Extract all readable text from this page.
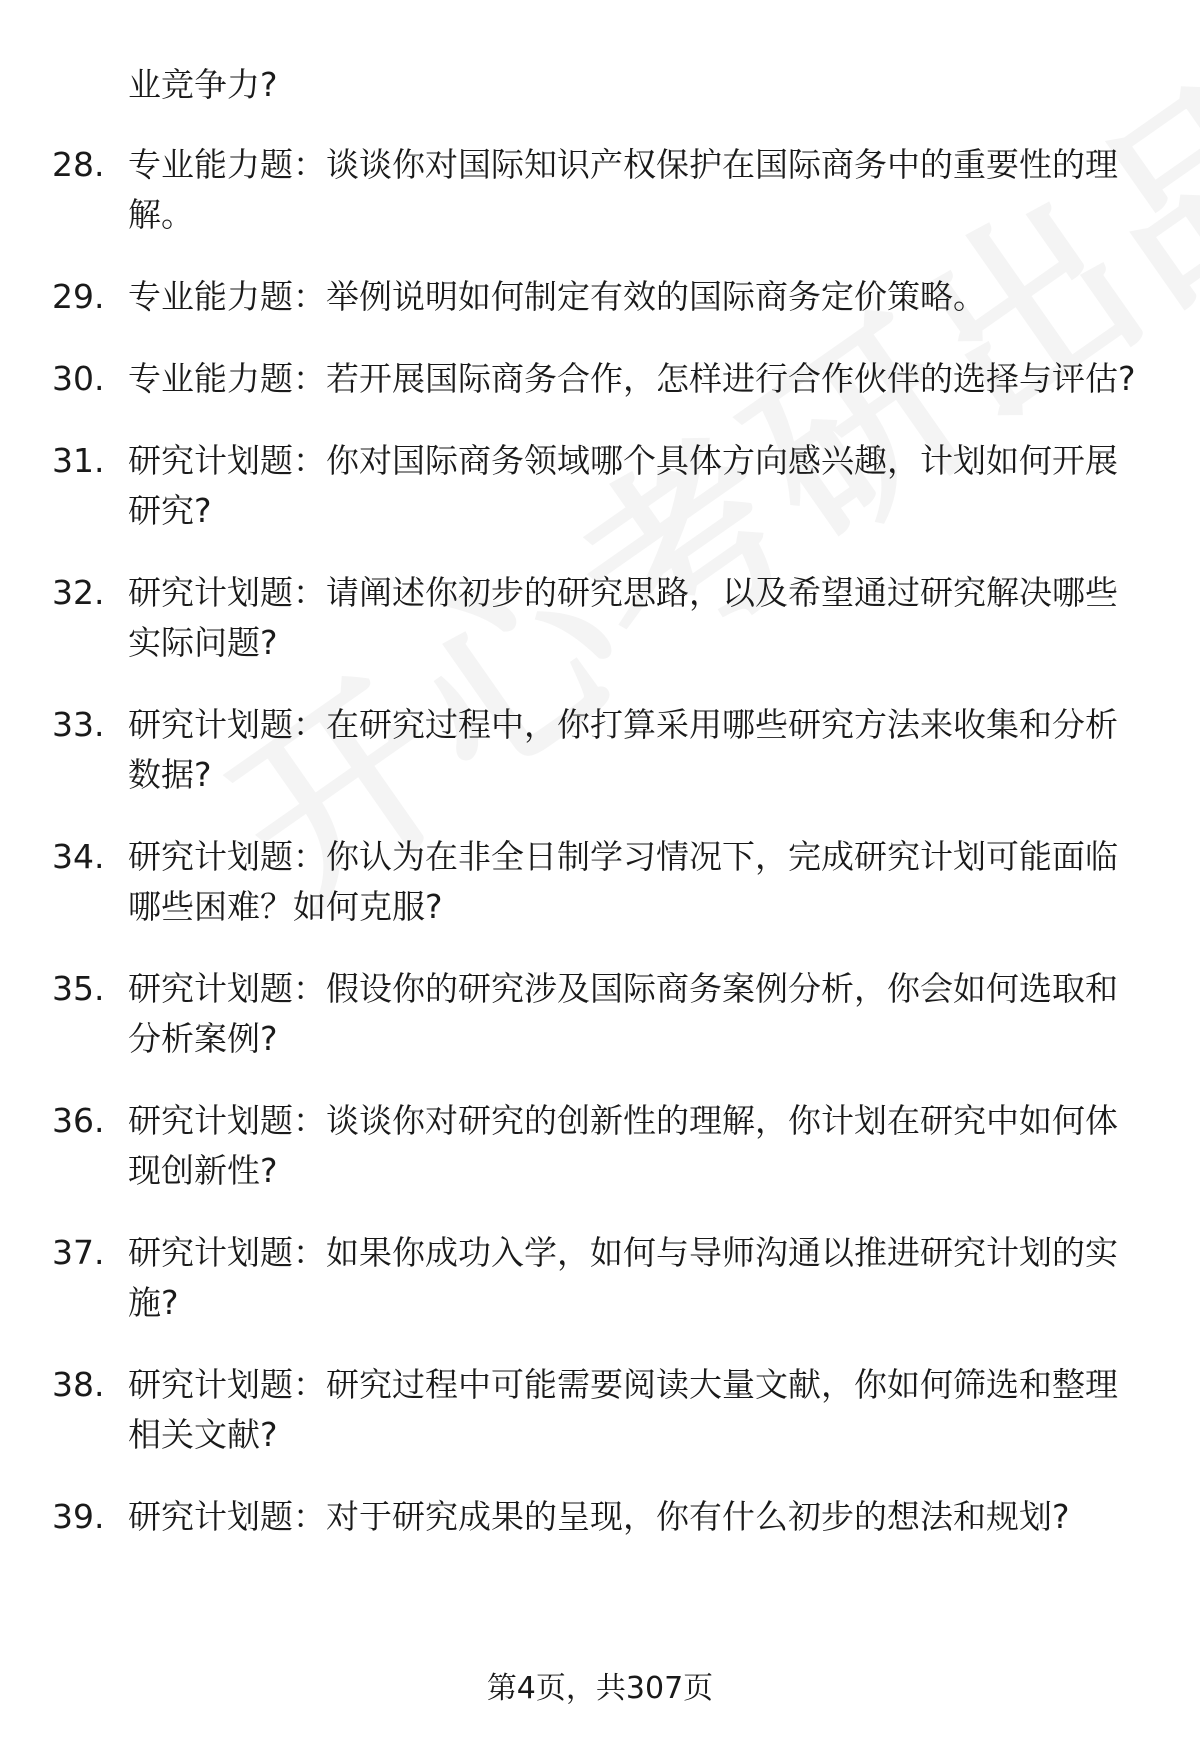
业竞争力?
28. 专业能力题：谈谈你对国际知识产权保护在国际商务中的重要性的理解。
29. 专业能力题：举例说明如何制定有效的国际商务定价策略。
30. 专业能力题：若开展国际商务合作，怎样进行合作伙伴的选择与评估?
31. 研究计划题：你对国际商务领域哪个具体方向感兴趣，计划如何开展研究?
32. 研究计划题：请阐述你初步的研究思路，以及希望通过研究解决哪些实际问题?
33. 研究计划题：在研究过程中，你打算采用哪些研究方法来收集和分析数据?
34. 研究计划题：你认为在非全日制学习情况下，完成研究计划可能面临哪些困难？如何克服?
35. 研究计划题：假设你的研究涉及国际商务案例分析，你会如何选取和分析案例?
36. 研究计划题：谈谈你对研究的创新性的理解，你计划在研究中如何体现创新性?
37. 研究计划题：如果你成功入学，如何与导师沟通以推进研究计划的实施?
38. 研究计划题：研究过程中可能需要阅读大量文献，你如何筛选和整理相关文献?
39. 研究计划题：对于研究成果的呈现，你有什么初步的想法和规划?
第4页，共307页
